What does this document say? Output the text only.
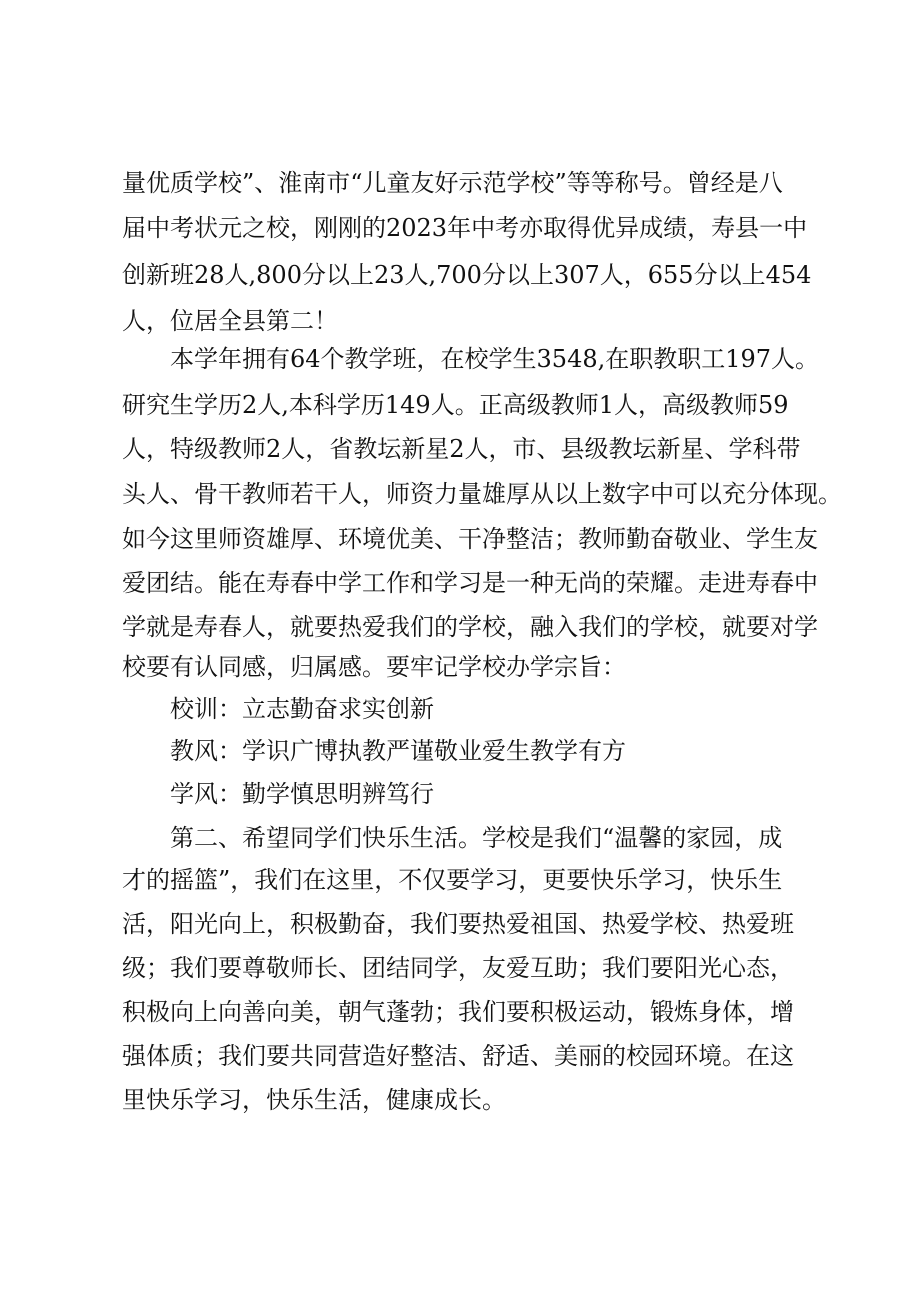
量优质学校”、淮南市“儿童友好示范学校”等等称号。曾经是八

届中考状元之校，刚刚的2023年中考亦取得优异成绩，寿县一中

创新班28人,800分以上23人,700分以上307人，655分以上454

人，位居全县第二！

本学年拥有64个教学班，在校学生3548,在职教职工197人。

研究生学历2人,本科学历149人。正高级教师1人，高级教师59

人，特级教师2人，省教坛新星2人，市、县级教坛新星、学科带

头人、骨干教师若干人，师资力量雄厚从以上数字中可以充分体现。

如今这里师资雄厚、环境优美、干净整洁；教师勤奋敬业、学生友

爱团结。能在寿春中学工作和学习是一种无尚的荣耀。走进寿春中

学就是寿春人，就要热爱我们的学校，融入我们的学校，就要对学

校要有认同感，归属感。要牢记学校办学宗旨：

校训：立志勤奋求实创新

教风：学识广博执教严谨敬业爱生教学有方

学风：勤学慎思明辨笃行

第二、希望同学们快乐生活。学校是我们“温馨的家园，成

才的摇篮”，我们在这里，不仅要学习，更要快乐学习，快乐生

活，阳光向上，积极勤奋，我们要热爱祖国、热爱学校、热爱班

级；我们要尊敬师长、团结同学，友爱互助；我们要阳光心态，

积极向上向善向美，朝气蓬勃；我们要积极运动，锻炼身体，增

强体质；我们要共同营造好整洁、舒适、美丽的校园环境。在这

里快乐学习，快乐生活，健康成长。
